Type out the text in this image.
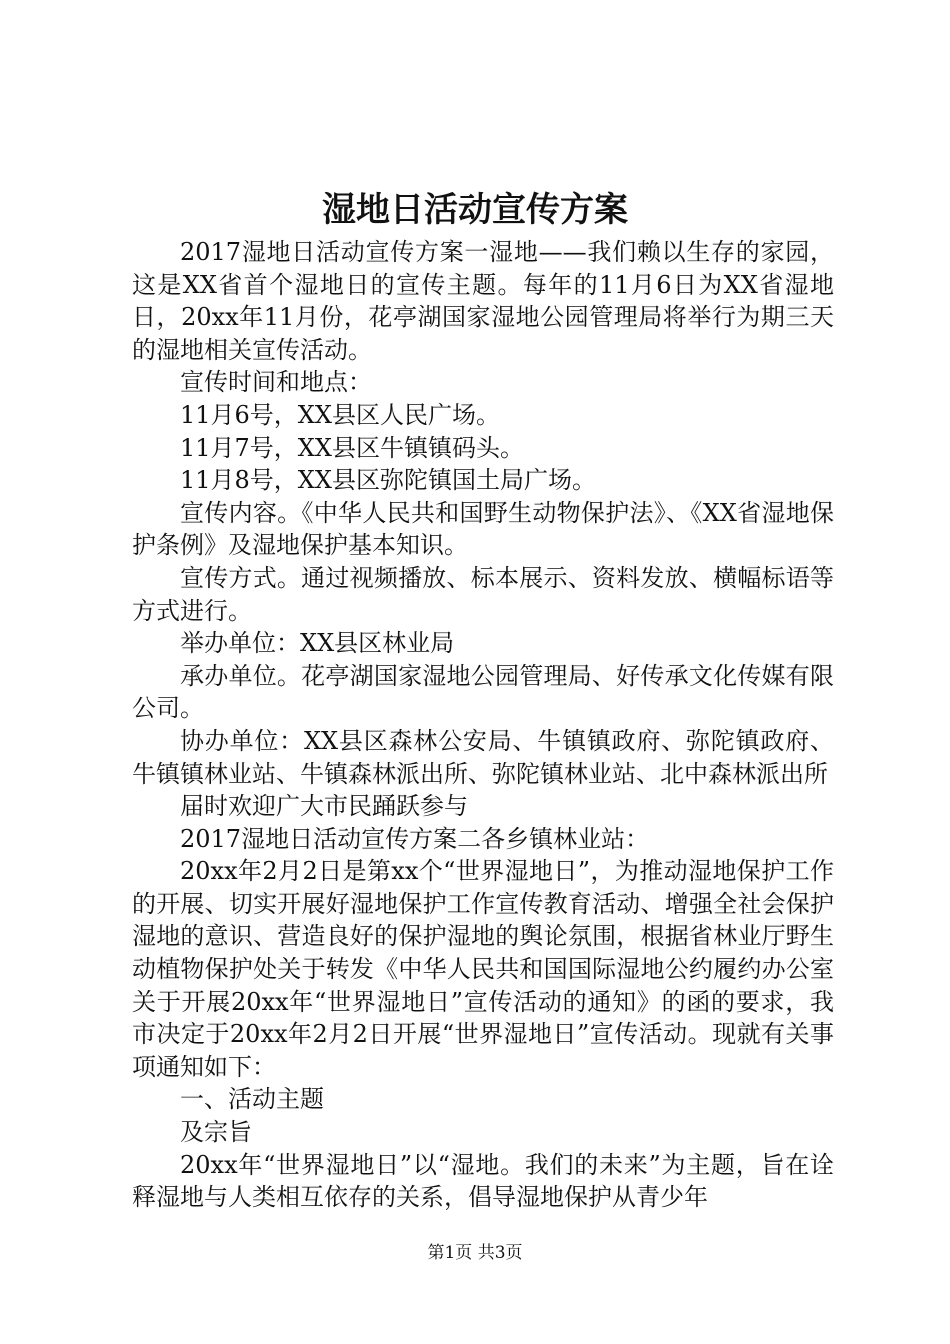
湿地日活动宣传方案

2017湿地日活动宣传方案一湿地——我们赖以生存的家园，这是XX省首个湿地日的宣传主题。每年的11月6日为XX省湿地日，20xx年11月份，花亭湖国家湿地公园管理局将举行为期三天的湿地相关宣传活动。

宣传时间和地点：

11月6号，XX县区人民广场。

11月7号，XX县区牛镇镇码头。

11月8号，XX县区弥陀镇国土局广场。

宣传内容。《中华人民共和国野生动物保护法》、《XX省湿地保护条例》及湿地保护基本知识。

宣传方式。通过视频播放、标本展示、资料发放、横幅标语等方式进行。

举办单位：XX县区林业局

承办单位。花亭湖国家湿地公园管理局、好传承文化传媒有限公司。

协办单位：XX县区森林公安局、牛镇镇政府、弥陀镇政府、牛镇镇林业站、牛镇森林派出所、弥陀镇林业站、北中森林派出所

届时欢迎广大市民踊跃参与

2017湿地日活动宣传方案二各乡镇林业站：

20xx年2月2日是第xx个“世界湿地日”，为推动湿地保护工作的开展、切实开展好湿地保护工作宣传教育活动、增强全社会保护湿地的意识、营造良好的保护湿地的舆论氛围，根据省林业厅野生动植物保护处关于转发《中华人民共和国国际湿地公约履约办公室关于开展20xx年“世界湿地日”宣传活动的通知》的函的要求，我市决定于20xx年2月2日开展“世界湿地日”宣传活动。现就有关事项通知如下：

一、活动主题

及宗旨

20xx年“世界湿地日”以“湿地。我们的未来”为主题，旨在诠释湿地与人类相互依存的关系，倡导湿地保护从青少年

第1页 共3页
